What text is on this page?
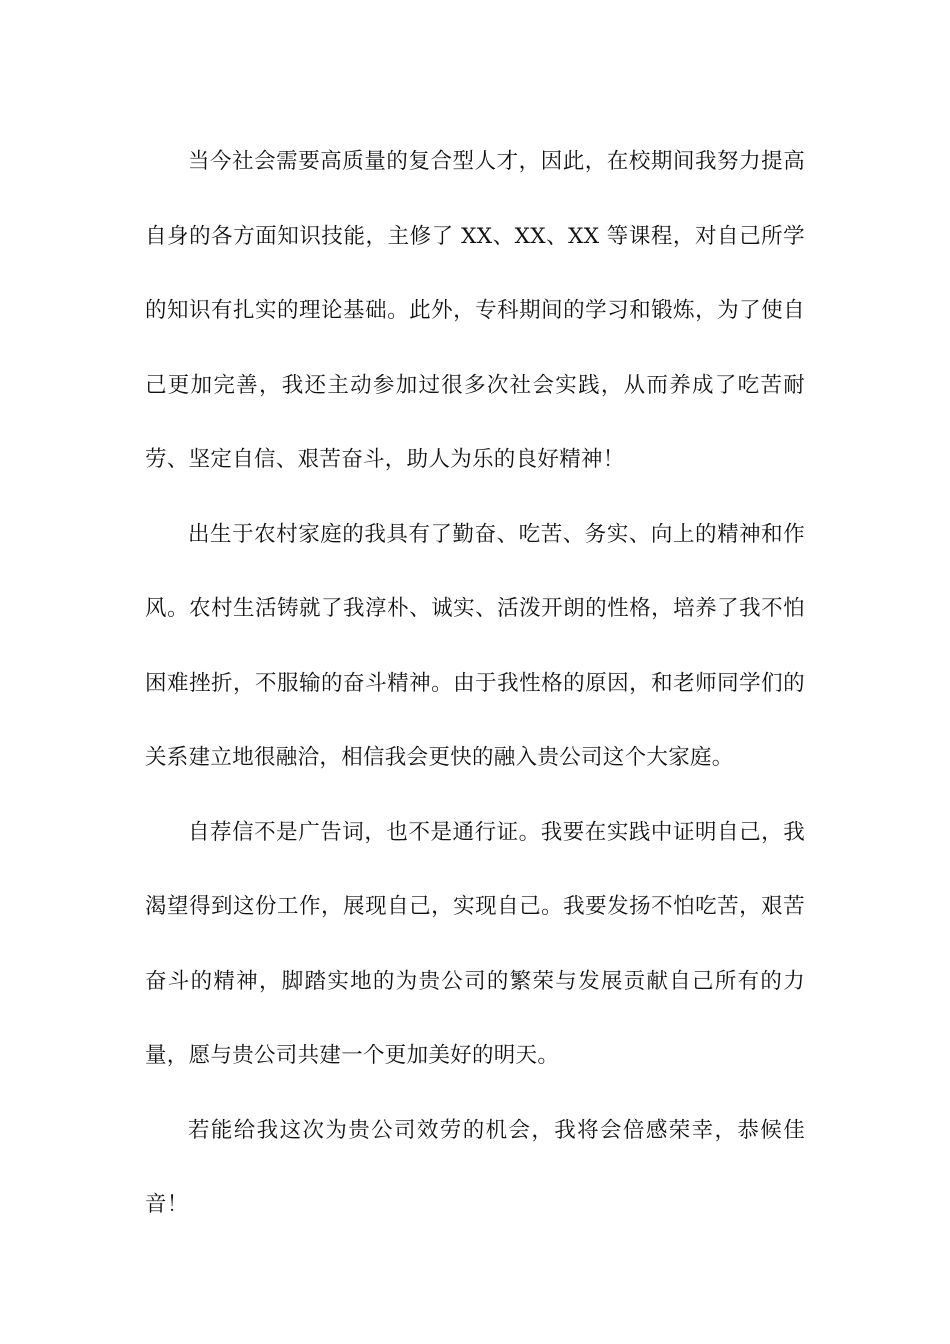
当今社会需要高质量的复合型人才，因此，在校期间我努力提高自身的各方面知识技能，主修了 XX、XX、XX 等课程，对自己所学的知识有扎实的理论基础。此外，专科期间的学习和锻炼，为了使自己更加完善，我还主动参加过很多次社会实践，从而养成了吃苦耐劳、坚定自信、艰苦奋斗，助人为乐的良好精神！

出生于农村家庭的我具有了勤奋、吃苦、务实、向上的精神和作风。农村生活铸就了我淳朴、诚实、活泼开朗的性格，培养了我不怕困难挫折，不服输的奋斗精神。由于我性格的原因，和老师同学们的关系建立地很融洽，相信我会更快的融入贵公司这个大家庭。

自荐信不是广告词，也不是通行证。我要在实践中证明自己，我渴望得到这份工作，展现自己，实现自己。我要发扬不怕吃苦，艰苦奋斗的精神，脚踏实地的为贵公司的繁荣与发展贡献自己所有的力量，愿与贵公司共建一个更加美好的明天。

若能给我这次为贵公司效劳的机会，我将会倍感荣幸，恭候佳音！
